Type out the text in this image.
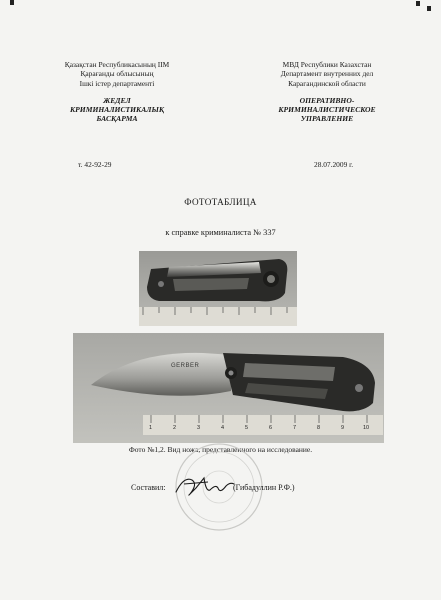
Қазақстан Республикасының ІІМ
Қарағанды облысының
Ішкі істер департаменті
ЖЕДЕЛ
КРИМИНАЛИСТИКАЛЫҚ
БАСҚАРМА
МВД Республики Казахстан
Департамент внутренних дел
Карагандинской области
ОПЕРАТИВНО-
КРИМИНАЛИСТИЧЕСКОЕ
УПРАВЛЕНИЕ
т. 42-92-29	28.07.2009 г.
ФОТОТАБЛИЦА
к справке криминалиста № 337
GERBER
1	2	3	4	5	6	7	8	9	10
Фото №1,2. Вид ножа, представленного на исследование.
Составил:	(Гибадуллин Р.Ф.)
